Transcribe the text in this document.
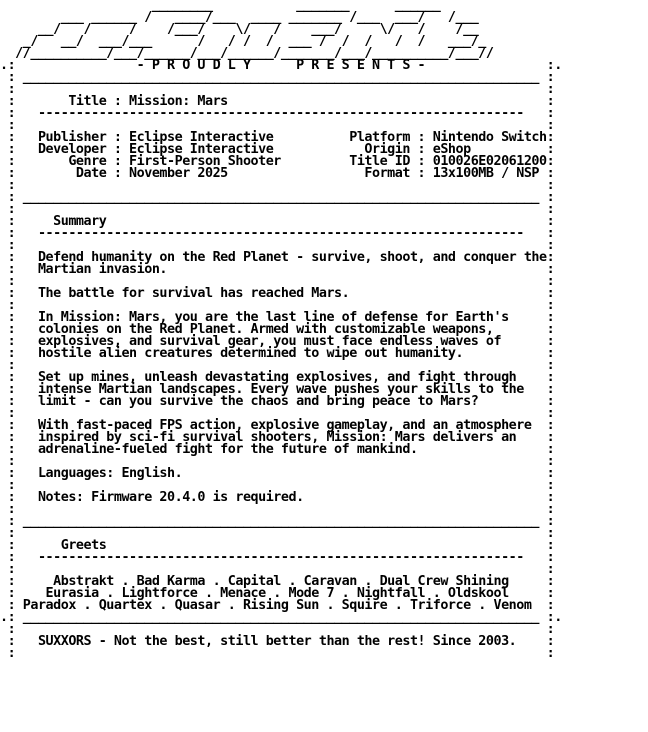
________           _______      ______
___ ______ /   ____/___  ____ _______ /___  ___/   /___
__/   /     /    /___/    \/   /    ___/     \/   /    /__
_/   __/  ___/___      /   / /  /  ___ /  /  /   /  /   ___/_
//__________/___/______/___/______/_______/___/__________/___//
.:                - P R O U D L Y      P R E S E N T S -                :.
: ____________________________________________________________________ :
:                                                                      :
:       Title : Mission: Mars                                          :
:   ----------------------------------------------------------------   :
:                                                                      :
:   Publisher : Eclipse Interactive          Platform : Nintendo Switch:
:   Developer : Eclipse Interactive            Origin : eShop          :
:       Genre : First-Person Shooter         Title ID : 010026E02061200:
:        Date : November 2025                  Format : 13x100MB / NSP :
:                                                                      :
: ____________________________________________________________________ :
:                                                                      :
:     Summary                                                          :
:   ----------------------------------------------------------------   :
:                                                                      :
:   Defend humanity on the Red Planet - survive, shoot, and conquer the:
:   Martian invasion.                                                  :
:                                                                      :
:   The battle for survival has reached Mars.                          :
:                                                                      :
:   In Mission: Mars, you are the last line of defense for Earth's     :
:   colonies on the Red Planet. Armed with customizable weapons,       :
:   explosives, and survival gear, you must face endless waves of      :
:   hostile alien creatures determined to wipe out humanity.           :
:                                                                      :
:   Set up mines, unleash devastating explosives, and fight through    :
:   intense Martian landscapes. Every wave pushes your skills to the   :
:   limit - can you survive the chaos and bring peace to Mars?         :
:                                                                      :
:   With fast-paced FPS action, explosive gameplay, and an atmosphere  :
:   inspired by sci-fi survival shooters, Mission: Mars delivers an    :
:   adrenaline-fueled fight for the future of mankind.                 :
:                                                                      :
:   Languages: English.                                                :
:                                                                      :
:   Notes: Firmware 20.4.0 is required.                                :
:                                                                      :
: ____________________________________________________________________ :
:                                                                      :
:      Greets                                                          :
:   ----------------------------------------------------------------   :
:                                                                      :
:     Abstrakt . Bad Karma . Capital . Caravan . Dual Crew Shining     :
:    Eurasia . Lightforce . Menace . Mode 7 . Nightfall . Oldskool     :
: Paradox . Quartex . Quasar . Rising Sun . Squire . Triforce . Venom  :
.: ____________________________________________________________________ :.
:                                                                      :
:   SUXXORS - Not the best, still better than the rest! Since 2003.    :
:                                                                      :
